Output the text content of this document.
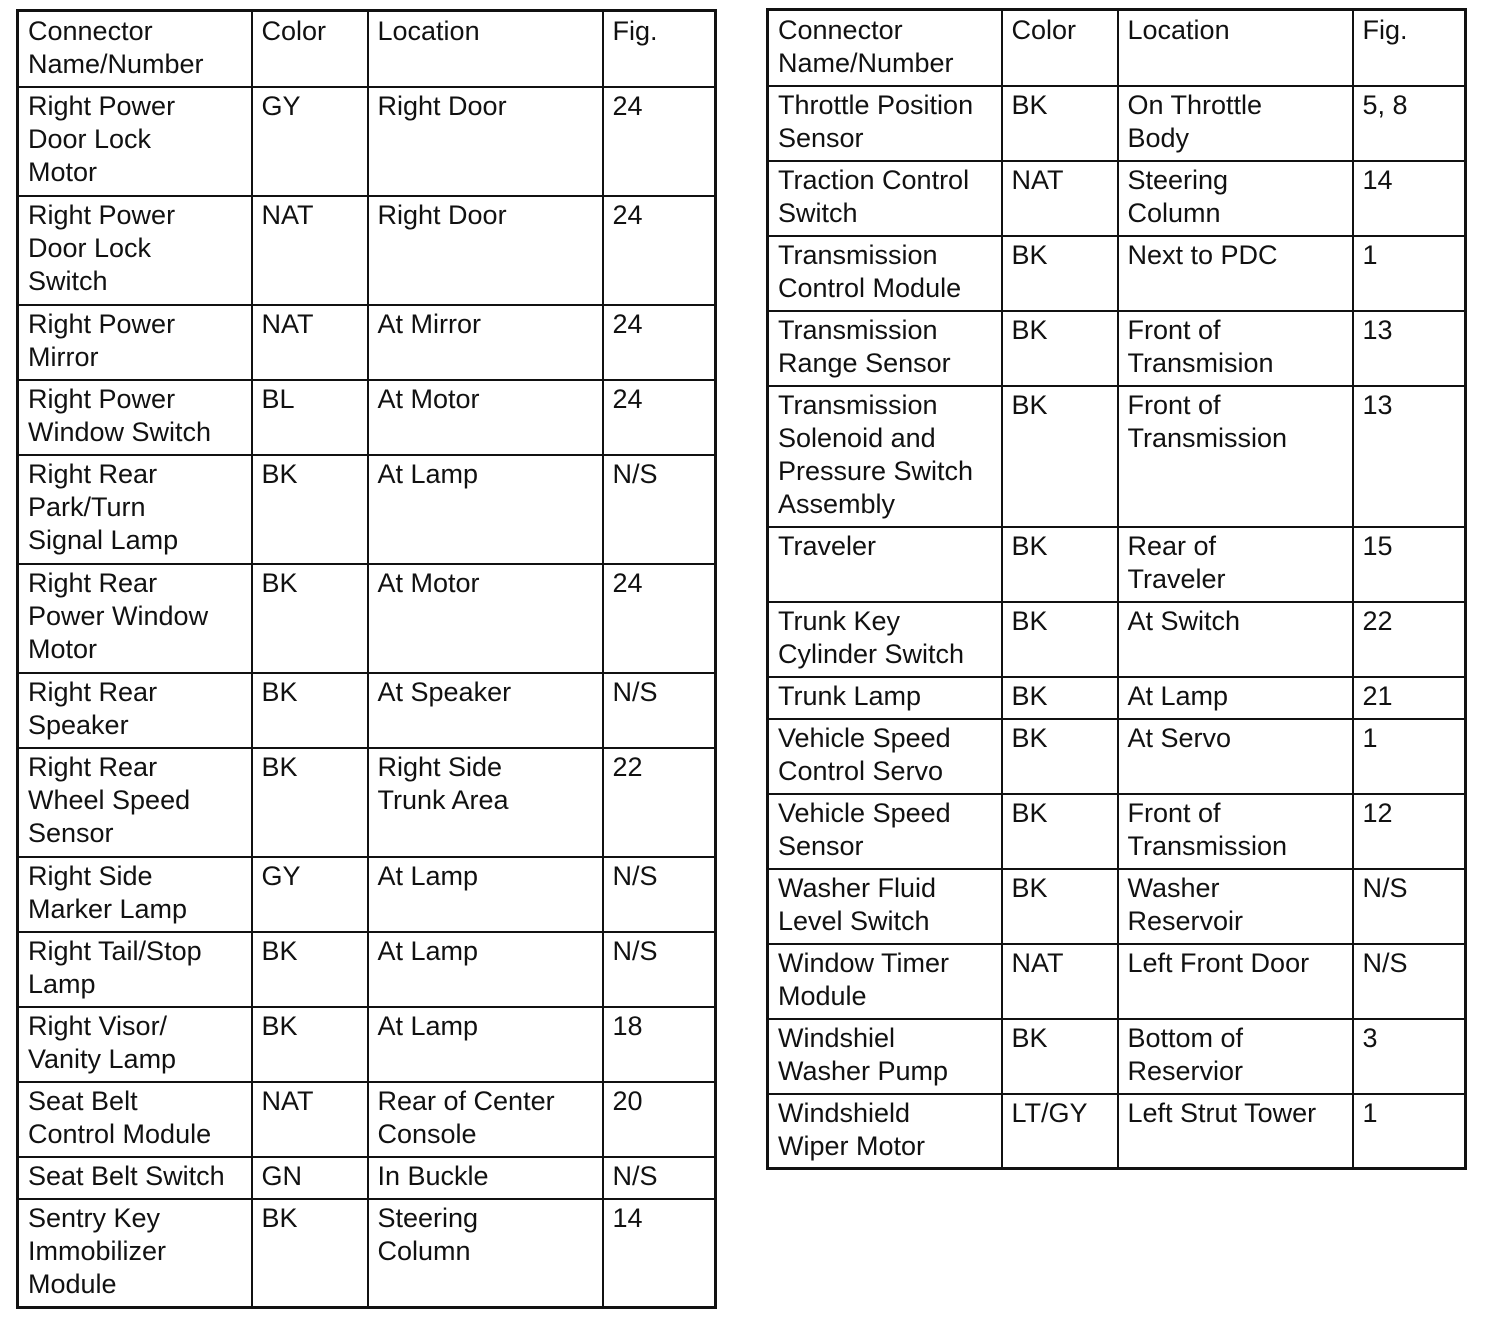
Connector
Name/Number	Color	Location	Fig.
Right Power
Door Lock
Motor	GY	Right Door	24
Right Power
Door Lock
Switch	NAT	Right Door	24
Right Power
Mirror	NAT	At Mirror	24
Right Power
Window Switch	BL	At Motor	24
Right Rear
Park/Turn
Signal Lamp	BK	At Lamp	N/S
Right Rear
Power Window
Motor	BK	At Motor	24
Right Rear
Speaker	BK	At Speaker	N/S
Right Rear
Wheel Speed
Sensor	BK	Right Side
Trunk Area	22
Right Side
Marker Lamp	GY	At Lamp	N/S
Right Tail/Stop
Lamp	BK	At Lamp	N/S
Right Visor/
Vanity Lamp	BK	At Lamp	18
Seat Belt
Control Module	NAT	Rear of Center
Console	20
Seat Belt Switch	GN	In Buckle	N/S
Sentry Key
Immobilizer
Module	BK	Steering
Column	14
Connector
Name/Number	Color	Location	Fig.
Throttle Position
Sensor	BK	On Throttle
Body	5, 8
Traction Control
Switch	NAT	Steering
Column	14
Transmission
Control Module	BK	Next to PDC	1
Transmission
Range Sensor	BK	Front of
Transmision	13
Transmission
Solenoid and
Pressure Switch
Assembly	BK	Front of
Transmission	13
Traveler	BK	Rear of
Traveler	15
Trunk Key
Cylinder Switch	BK	At Switch	22
Trunk Lamp	BK	At Lamp	21
Vehicle Speed
Control Servo	BK	At Servo	1
Vehicle Speed
Sensor	BK	Front of
Transmission	12
Washer Fluid
Level Switch	BK	Washer
Reservoir	N/S
Window Timer
Module	NAT	Left Front Door	N/S
Windshiel
Washer Pump	BK	Bottom of
Reservior	3
Windshield
Wiper Motor	LT/GY	Left Strut Tower	1
